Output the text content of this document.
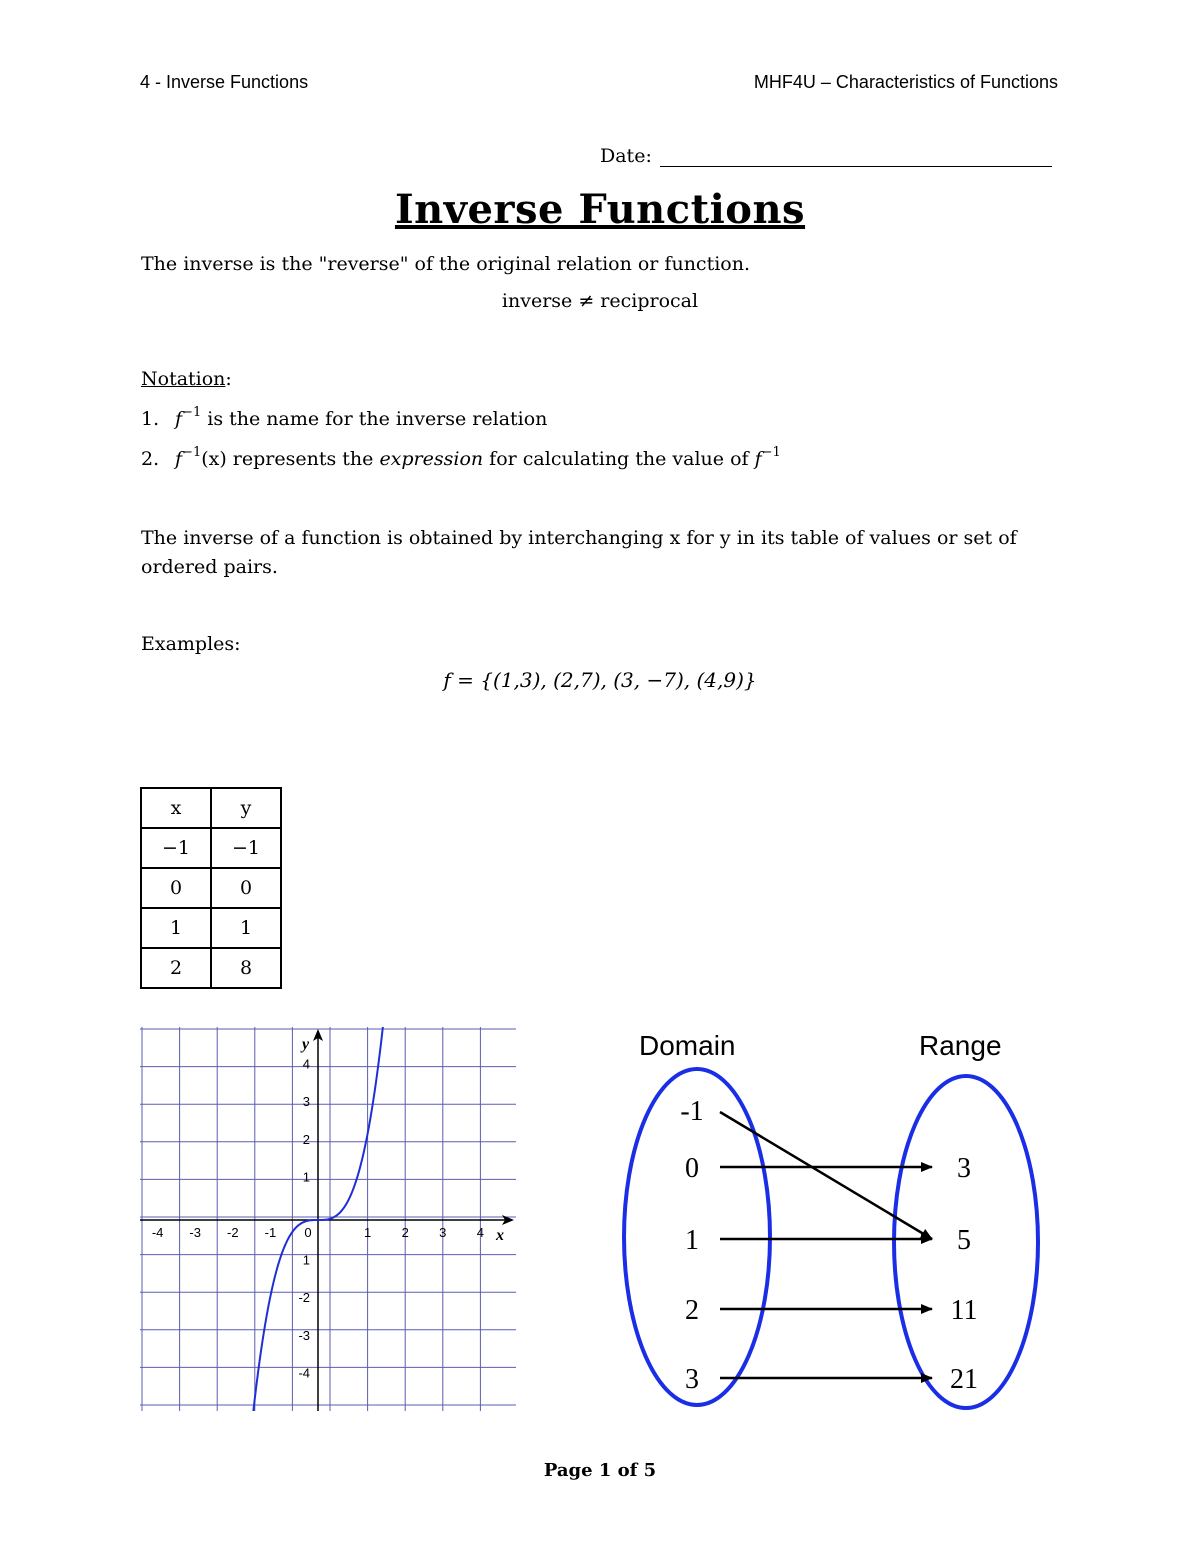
4 - Inverse Functions	MHF4U – Characteristics of Functions
Date:
Inverse Functions
The inverse is the "reverse" of the original relation or function.
inverse ≠ reciprocal
Notation:
1. $f^{-1}$ is the name for the inverse relation
2. $f^{-1}(x)$ represents the expression for calculating the value of $f^{-1}$
The inverse of a function is obtained by interchanging x for y in its table of values or set of ordered pairs.
Examples:
f = {(1,3), (2,7), (3, −7), (4,9)}
x	y
−1	−1
0	0
1	1
2	8
x
y
-4 -3 -2 -1 0	1 2 3 4
4
3
2
1
1
-2
-3
-4
Domain	Range
-1
0
1
2
3
3
5
11
21
Page 1 of 5
